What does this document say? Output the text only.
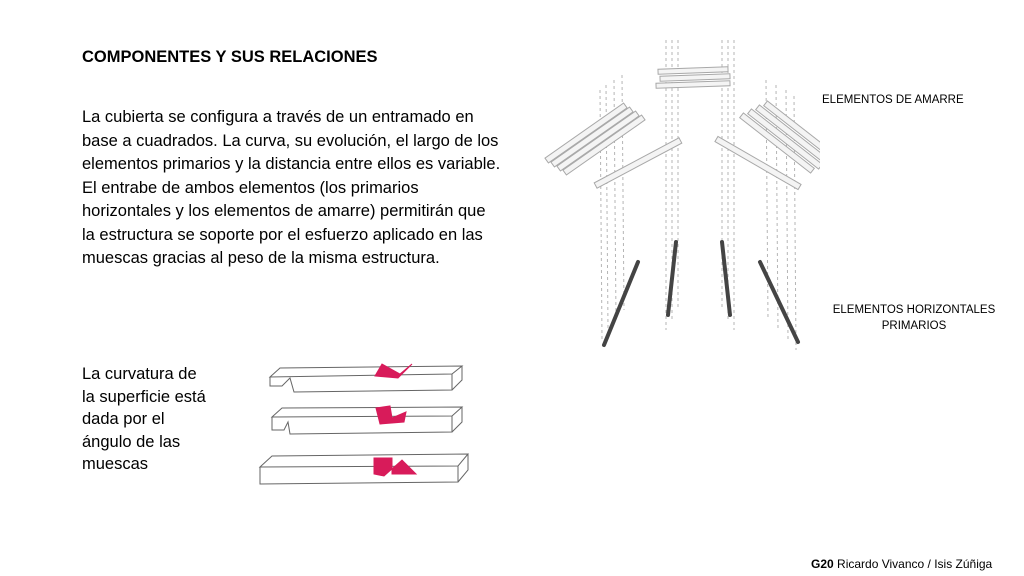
COMPONENTES Y SUS RELACIONES

La cubierta se configura a través de un entramado en base a cuadrados. La curva, su evolución, el largo de los elementos primarios y la distancia entre ellos es variable.

El entrabe de ambos elementos (los primarios horizontales y los elementos de amarre) permitirán que la estructura se soporte por el esfuerzo aplicado en las muescas gracias al peso de la misma estructura.

La curvatura de la superficie está dada por el ángulo de las muescas

ELEMENTOS DE AMARRE
ELEMENTOS HORIZONTALES PRIMARIOS
G20 Ricardo Vivanco / Isis Zúñiga
